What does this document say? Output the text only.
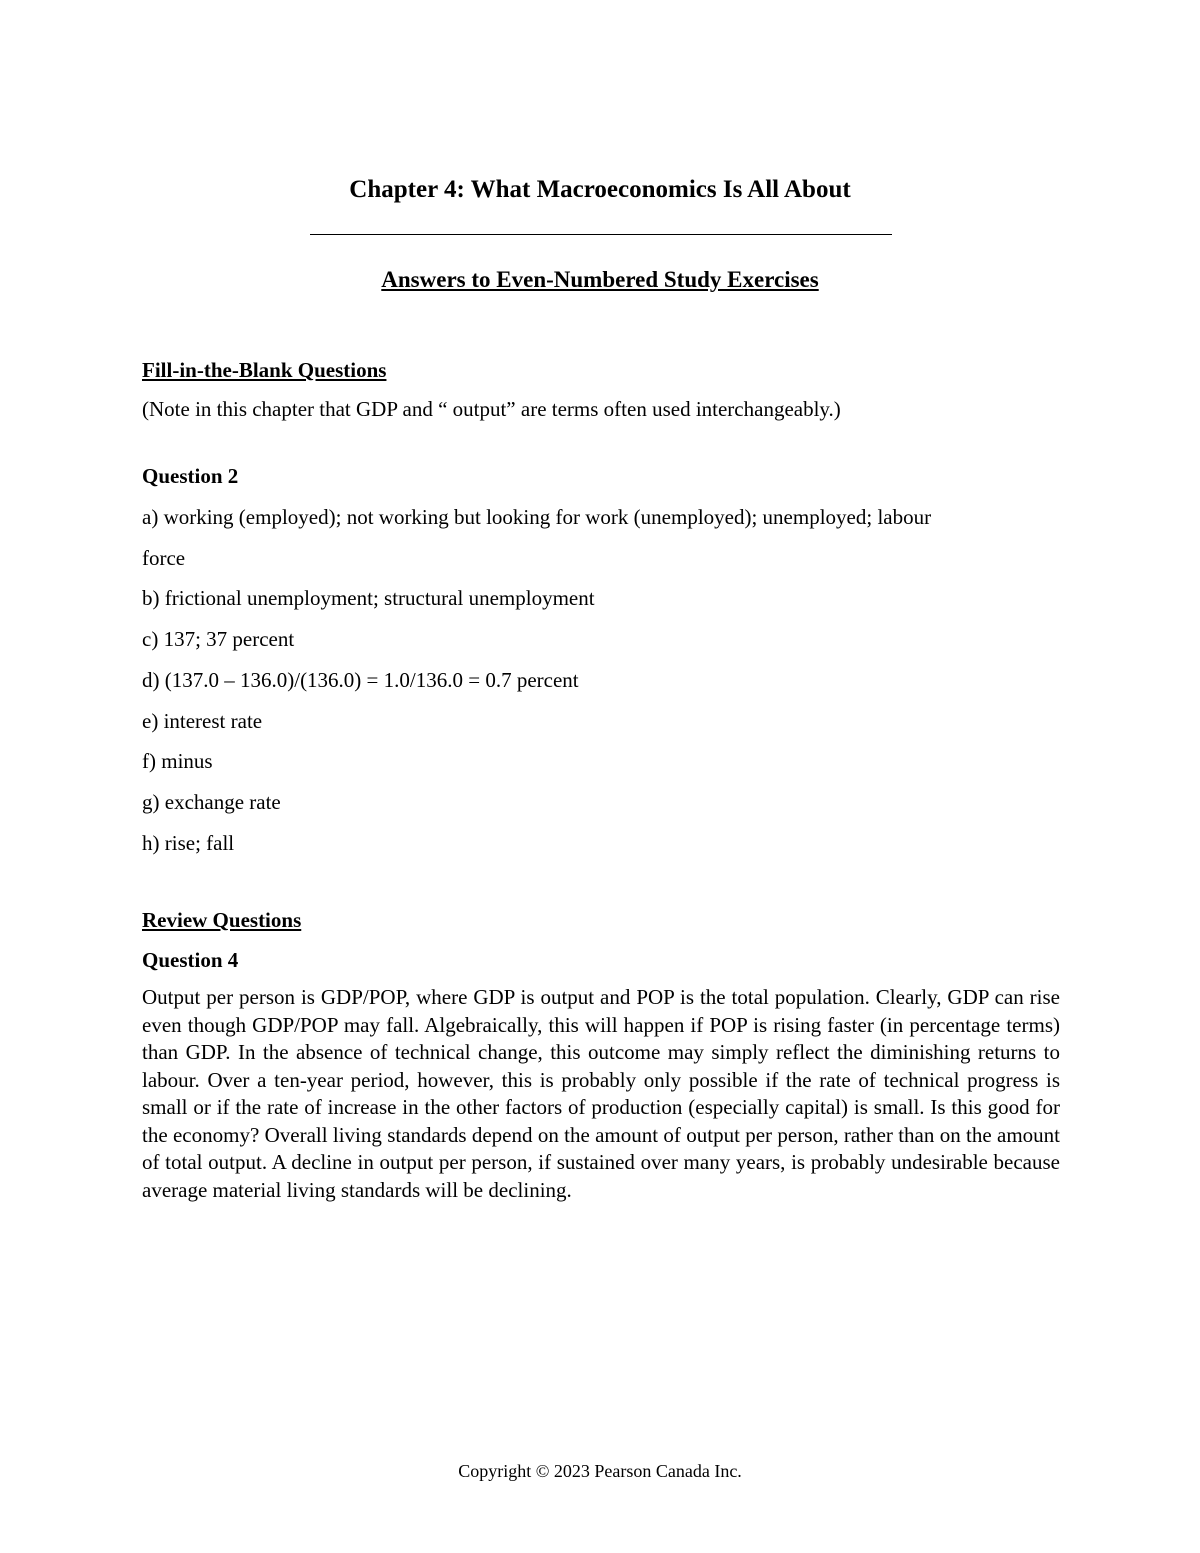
Chapter 4: What Macroeconomics Is All About
Answers to Even-Numbered Study Exercises
Fill-in-the-Blank Questions
(Note in this chapter that GDP and “ output” are terms often used interchangeably.)
Question 2
a) working (employed); not working but looking for work (unemployed); unemployed; labour
force
b) frictional unemployment; structural unemployment
c) 137; 37 percent
d) (137.0 – 136.0)/(136.0) = 1.0/136.0 = 0.7 percent
e) interest rate
f) minus
g) exchange rate
h) rise; fall
Review Questions
Question 4

Output per person is GDP/POP, where GDP is output and POP is the total population. Clearly, GDP can rise even though GDP/POP may fall. Algebraically, this will happen if POP is rising faster (in percentage terms) than GDP. In the absence of technical change, this outcome may simply reflect the diminishing returns to labour. Over a ten-year period, however, this is probably only possible if the rate of technical progress is small or if the rate of increase in the other factors of production (especially capital) is small. Is this good for the economy? Overall living standards depend on the amount of output per person, rather than on the amount of total output. A decline in output per person, if sustained over many years, is probably undesirable because average material living standards will be declining.

Copyright © 2023 Pearson Canada Inc.
